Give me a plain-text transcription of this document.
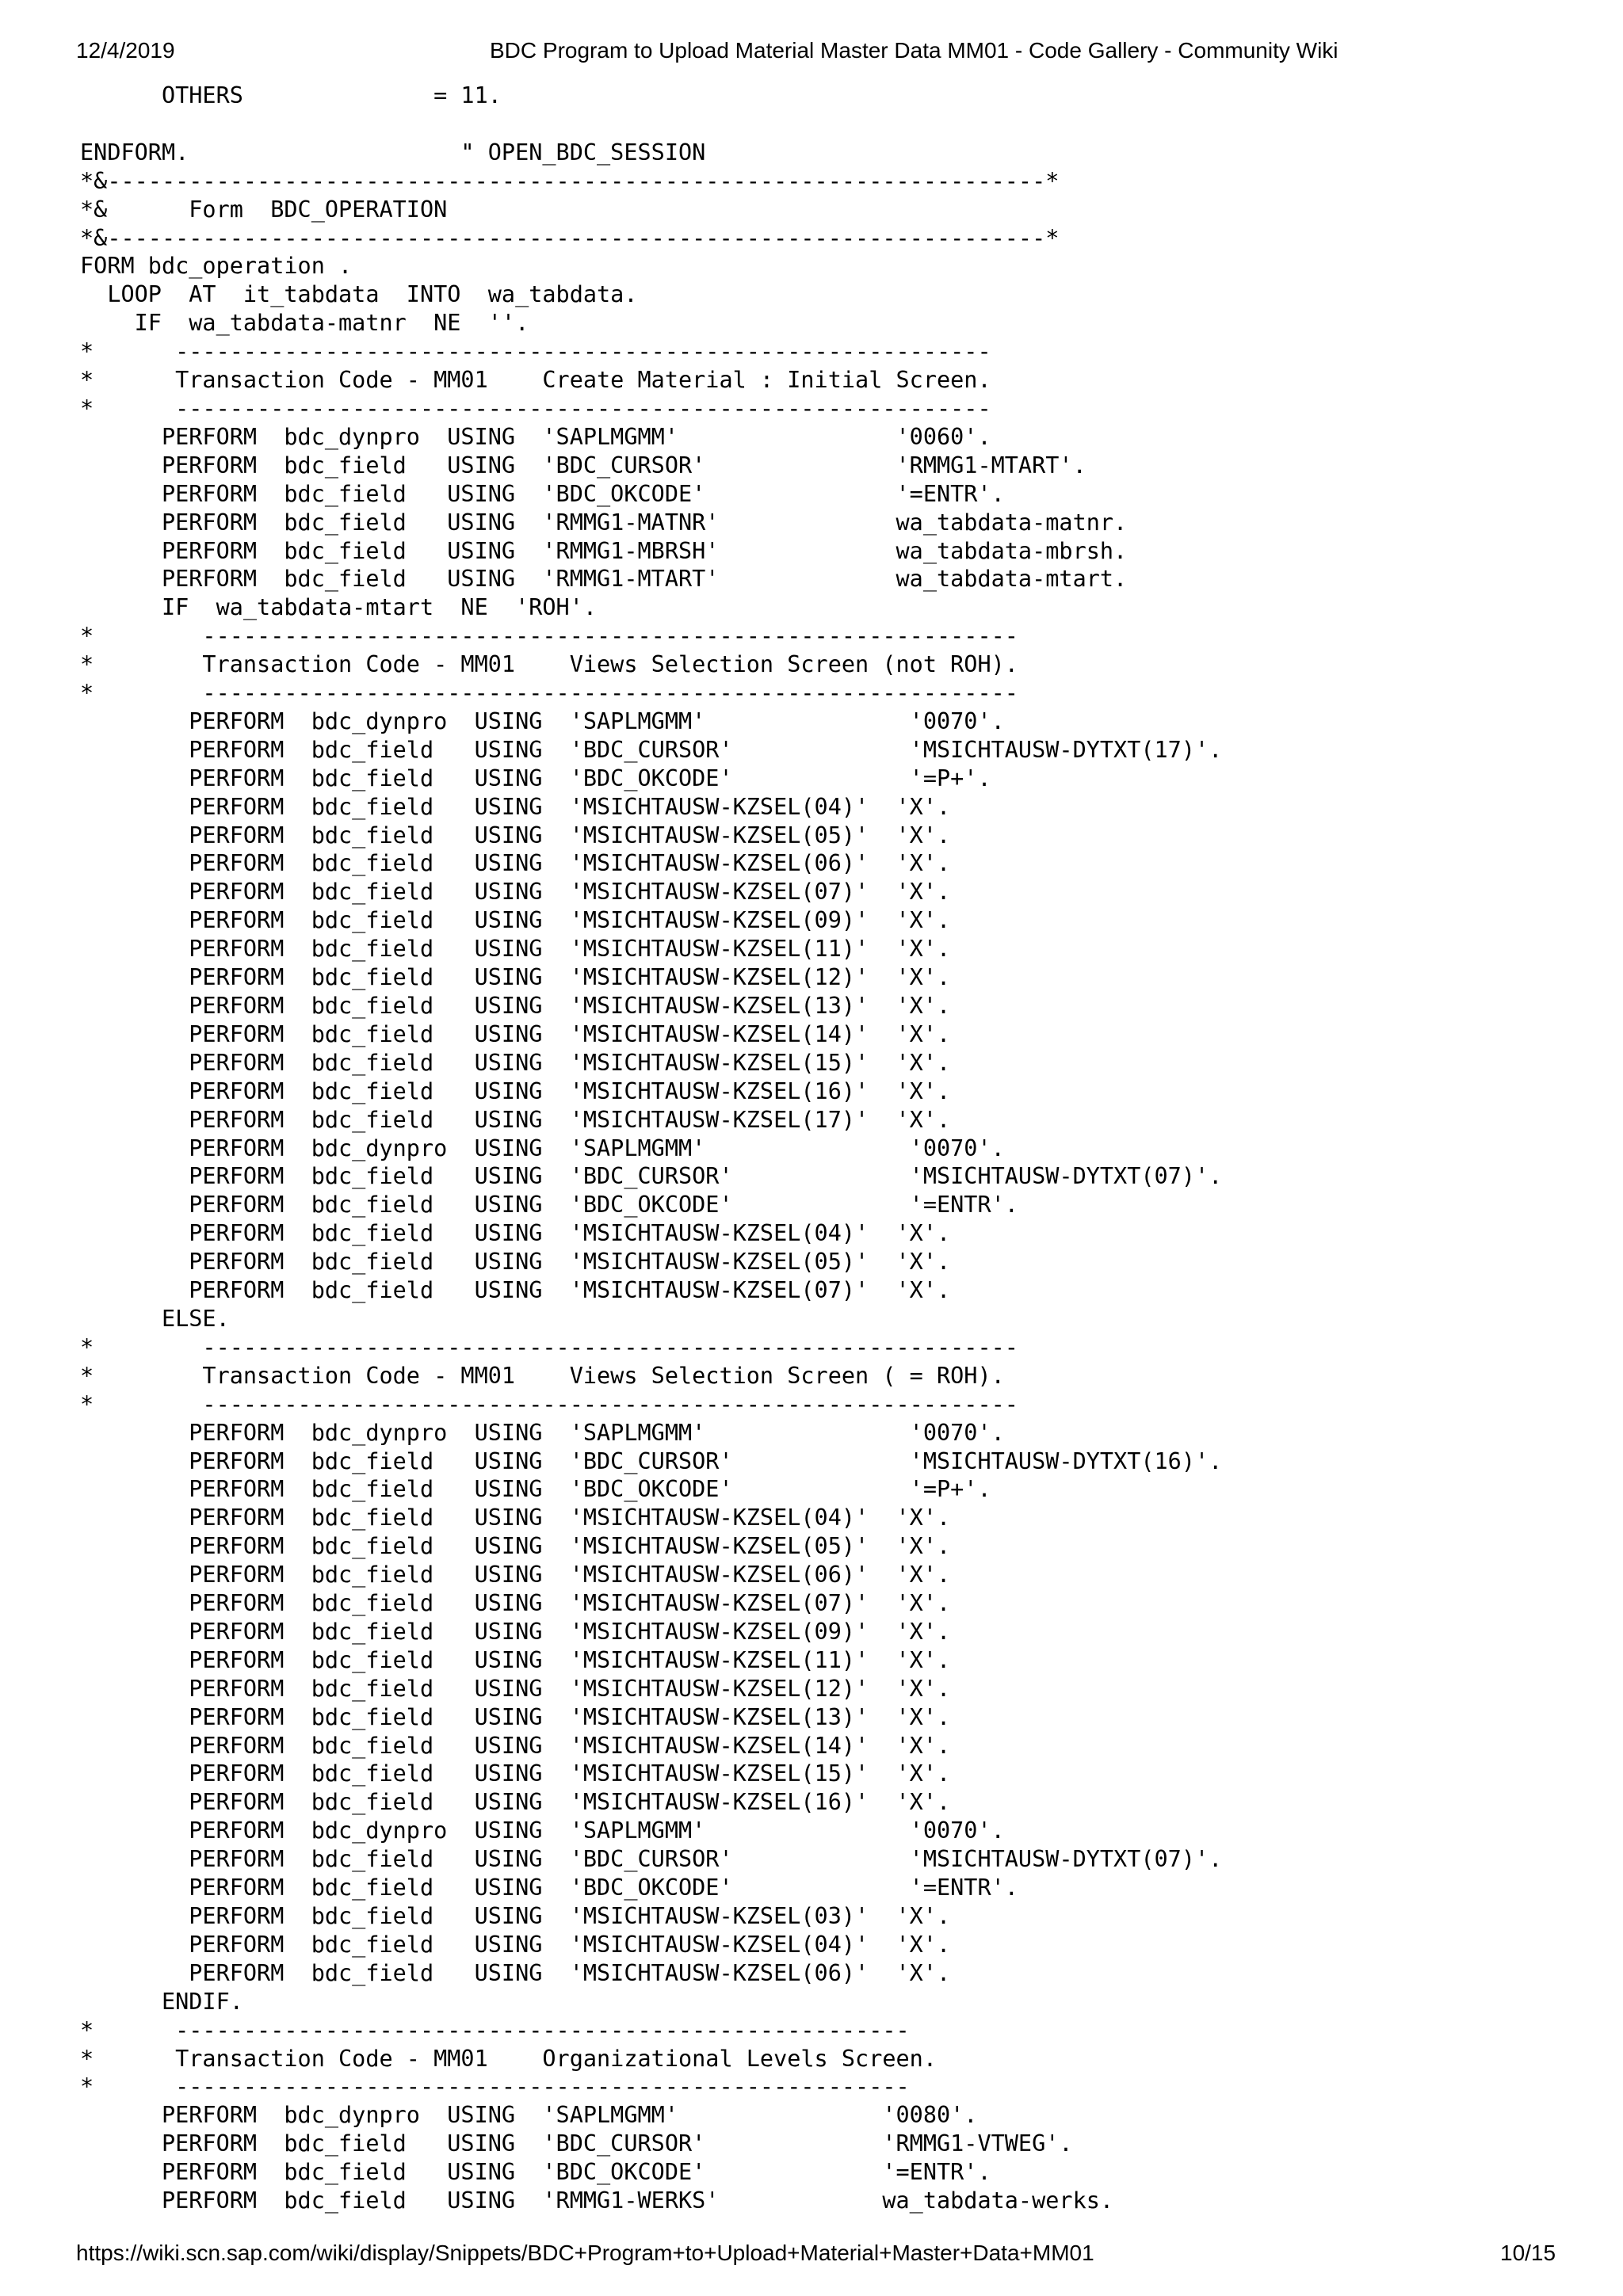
12/4/2019	BDC Program to Upload Material Master Data MM01 - Code Gallery - Community Wiki
OTHERS              = 11.
ENDFORM.                    " OPEN_BDC_SESSION
*&---------------------------------------------------------------------*
*&      Form  BDC_OPERATION
*&---------------------------------------------------------------------*
FORM bdc_operation .
LOOP  AT  it_tabdata  INTO  wa_tabdata.
IF  wa_tabdata-matnr  NE  ''.
*      ------------------------------------------------------------
*      Transaction Code - MM01    Create Material : Initial Screen.
*      ------------------------------------------------------------
PERFORM  bdc_dynpro  USING  'SAPLMGMM'                '0060'.
PERFORM  bdc_field   USING  'BDC_CURSOR'              'RMMG1-MTART'.
PERFORM  bdc_field   USING  'BDC_OKCODE'              '=ENTR'.
PERFORM  bdc_field   USING  'RMMG1-MATNR'             wa_tabdata-matnr.
PERFORM  bdc_field   USING  'RMMG1-MBRSH'             wa_tabdata-mbrsh.
PERFORM  bdc_field   USING  'RMMG1-MTART'             wa_tabdata-mtart.
IF  wa_tabdata-mtart  NE  'ROH'.
*        ------------------------------------------------------------
*        Transaction Code - MM01    Views Selection Screen (not ROH).
*        ------------------------------------------------------------
PERFORM  bdc_dynpro  USING  'SAPLMGMM'               '0070'.
PERFORM  bdc_field   USING  'BDC_CURSOR'             'MSICHTAUSW-DYTXT(17)'.
PERFORM  bdc_field   USING  'BDC_OKCODE'             '=P+'.
PERFORM  bdc_field   USING  'MSICHTAUSW-KZSEL(04)'  'X'.
PERFORM  bdc_field   USING  'MSICHTAUSW-KZSEL(05)'  'X'.
PERFORM  bdc_field   USING  'MSICHTAUSW-KZSEL(06)'  'X'.
PERFORM  bdc_field   USING  'MSICHTAUSW-KZSEL(07)'  'X'.
PERFORM  bdc_field   USING  'MSICHTAUSW-KZSEL(09)'  'X'.
PERFORM  bdc_field   USING  'MSICHTAUSW-KZSEL(11)'  'X'.
PERFORM  bdc_field   USING  'MSICHTAUSW-KZSEL(12)'  'X'.
PERFORM  bdc_field   USING  'MSICHTAUSW-KZSEL(13)'  'X'.
PERFORM  bdc_field   USING  'MSICHTAUSW-KZSEL(14)'  'X'.
PERFORM  bdc_field   USING  'MSICHTAUSW-KZSEL(15)'  'X'.
PERFORM  bdc_field   USING  'MSICHTAUSW-KZSEL(16)'  'X'.
PERFORM  bdc_field   USING  'MSICHTAUSW-KZSEL(17)'  'X'.
PERFORM  bdc_dynpro  USING  'SAPLMGMM'               '0070'.
PERFORM  bdc_field   USING  'BDC_CURSOR'             'MSICHTAUSW-DYTXT(07)'.
PERFORM  bdc_field   USING  'BDC_OKCODE'             '=ENTR'.
PERFORM  bdc_field   USING  'MSICHTAUSW-KZSEL(04)'  'X'.
PERFORM  bdc_field   USING  'MSICHTAUSW-KZSEL(05)'  'X'.
PERFORM  bdc_field   USING  'MSICHTAUSW-KZSEL(07)'  'X'.
ELSE.
*        ------------------------------------------------------------
*        Transaction Code - MM01    Views Selection Screen ( = ROH).
*        ------------------------------------------------------------
PERFORM  bdc_dynpro  USING  'SAPLMGMM'               '0070'.
PERFORM  bdc_field   USING  'BDC_CURSOR'             'MSICHTAUSW-DYTXT(16)'.
PERFORM  bdc_field   USING  'BDC_OKCODE'             '=P+'.
PERFORM  bdc_field   USING  'MSICHTAUSW-KZSEL(04)'  'X'.
PERFORM  bdc_field   USING  'MSICHTAUSW-KZSEL(05)'  'X'.
PERFORM  bdc_field   USING  'MSICHTAUSW-KZSEL(06)'  'X'.
PERFORM  bdc_field   USING  'MSICHTAUSW-KZSEL(07)'  'X'.
PERFORM  bdc_field   USING  'MSICHTAUSW-KZSEL(09)'  'X'.
PERFORM  bdc_field   USING  'MSICHTAUSW-KZSEL(11)'  'X'.
PERFORM  bdc_field   USING  'MSICHTAUSW-KZSEL(12)'  'X'.
PERFORM  bdc_field   USING  'MSICHTAUSW-KZSEL(13)'  'X'.
PERFORM  bdc_field   USING  'MSICHTAUSW-KZSEL(14)'  'X'.
PERFORM  bdc_field   USING  'MSICHTAUSW-KZSEL(15)'  'X'.
PERFORM  bdc_field   USING  'MSICHTAUSW-KZSEL(16)'  'X'.
PERFORM  bdc_dynpro  USING  'SAPLMGMM'               '0070'.
PERFORM  bdc_field   USING  'BDC_CURSOR'             'MSICHTAUSW-DYTXT(07)'.
PERFORM  bdc_field   USING  'BDC_OKCODE'             '=ENTR'.
PERFORM  bdc_field   USING  'MSICHTAUSW-KZSEL(03)'  'X'.
PERFORM  bdc_field   USING  'MSICHTAUSW-KZSEL(04)'  'X'.
PERFORM  bdc_field   USING  'MSICHTAUSW-KZSEL(06)'  'X'.
ENDIF.
*      ------------------------------------------------------
*      Transaction Code - MM01    Organizational Levels Screen.
*      ------------------------------------------------------
PERFORM  bdc_dynpro  USING  'SAPLMGMM'               '0080'.
PERFORM  bdc_field   USING  'BDC_CURSOR'             'RMMG1-VTWEG'.
PERFORM  bdc_field   USING  'BDC_OKCODE'             '=ENTR'.
PERFORM  bdc_field   USING  'RMMG1-WERKS'            wa_tabdata-werks.
https://wiki.scn.sap.com/wiki/display/Snippets/BDC+Program+to+Upload+Material+Master+Data+MM01	10/15
